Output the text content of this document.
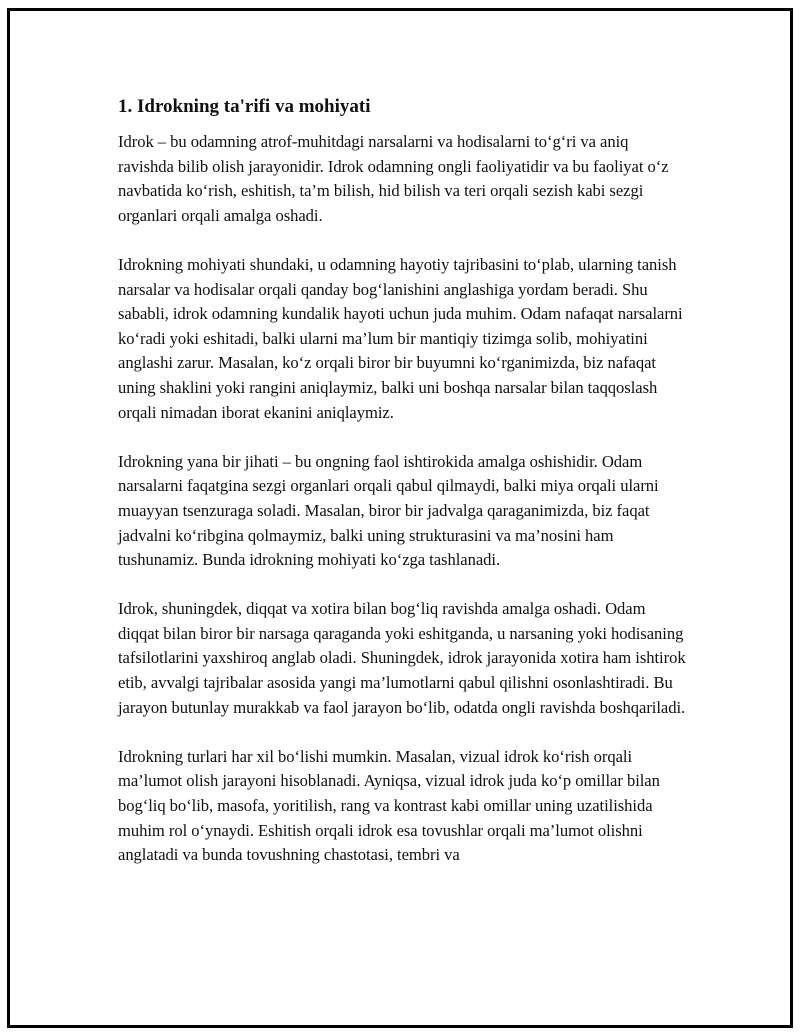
1. Idrokning ta'rifi va mohiyati

Idrok – bu odamning atrof-muhitdagi narsalarni va hodisalarni to‘g‘ri va aniq ravishda bilib olish jarayonidir. Idrok odamning ongli faoliyatidir va bu faoliyat o‘z navbatida ko‘rish, eshitish, ta’m bilish, hid bilish va teri orqali sezish kabi sezgi organlari orqali amalga oshadi.

Idrokning mohiyati shundaki, u odamning hayotiy tajribasini to‘plab, ularning tanish narsalar va hodisalar orqali qanday bog‘lanishini anglashiga yordam beradi. Shu sababli, idrok odamning kundalik hayoti uchun juda muhim. Odam nafaqat narsalarni ko‘radi yoki eshitadi, balki ularni ma’lum bir mantiqiy tizimga solib, mohiyatini anglashi zarur. Masalan, ko‘z orqali biror bir buyumni ko‘rganimizda, biz nafaqat uning shaklini yoki rangini aniqlaymiz, balki uni boshqa narsalar bilan taqqoslash orqali nimadan iborat ekanini aniqlaymiz.

Idrokning yana bir jihati – bu ongning faol ishtirokida amalga oshishidir. Odam narsalarni faqatgina sezgi organlari orqali qabul qilmaydi, balki miya orqali ularni muayyan tsenzuraga soladi. Masalan, biror bir jadvalga qaraganimizda, biz faqat jadvalni ko‘ribgina qolmaymiz, balki uning strukturasini va ma’nosini ham tushunamiz. Bunda idrokning mohiyati ko‘zga tashlanadi.

Idrok, shuningdek, diqqat va xotira bilan bog‘liq ravishda amalga oshadi. Odam diqqat bilan biror bir narsaga qaraganda yoki eshitganda, u narsaning yoki hodisaning tafsilotlarini yaxshiroq anglab oladi. Shuningdek, idrok jarayonida xotira ham ishtirok etib, avvalgi tajribalar asosida yangi ma’lumotlarni qabul qilishni osonlashtiradi. Bu jarayon butunlay murakkab va faol jarayon bo‘lib, odatda ongli ravishda boshqariladi.

Idrokning turlari har xil bo‘lishi mumkin. Masalan, vizual idrok ko‘rish orqali ma’lumot olish jarayoni hisoblanadi. Ayniqsa, vizual idrok juda ko‘p omillar bilan bog‘liq bo‘lib, masofa, yoritilish, rang va kontrast kabi omillar uning uzatilishida muhim rol o‘ynaydi. Eshitish orqali idrok esa tovushlar orqali ma’lumot olishni anglatadi va bunda tovushning chastotasi, tembri va
